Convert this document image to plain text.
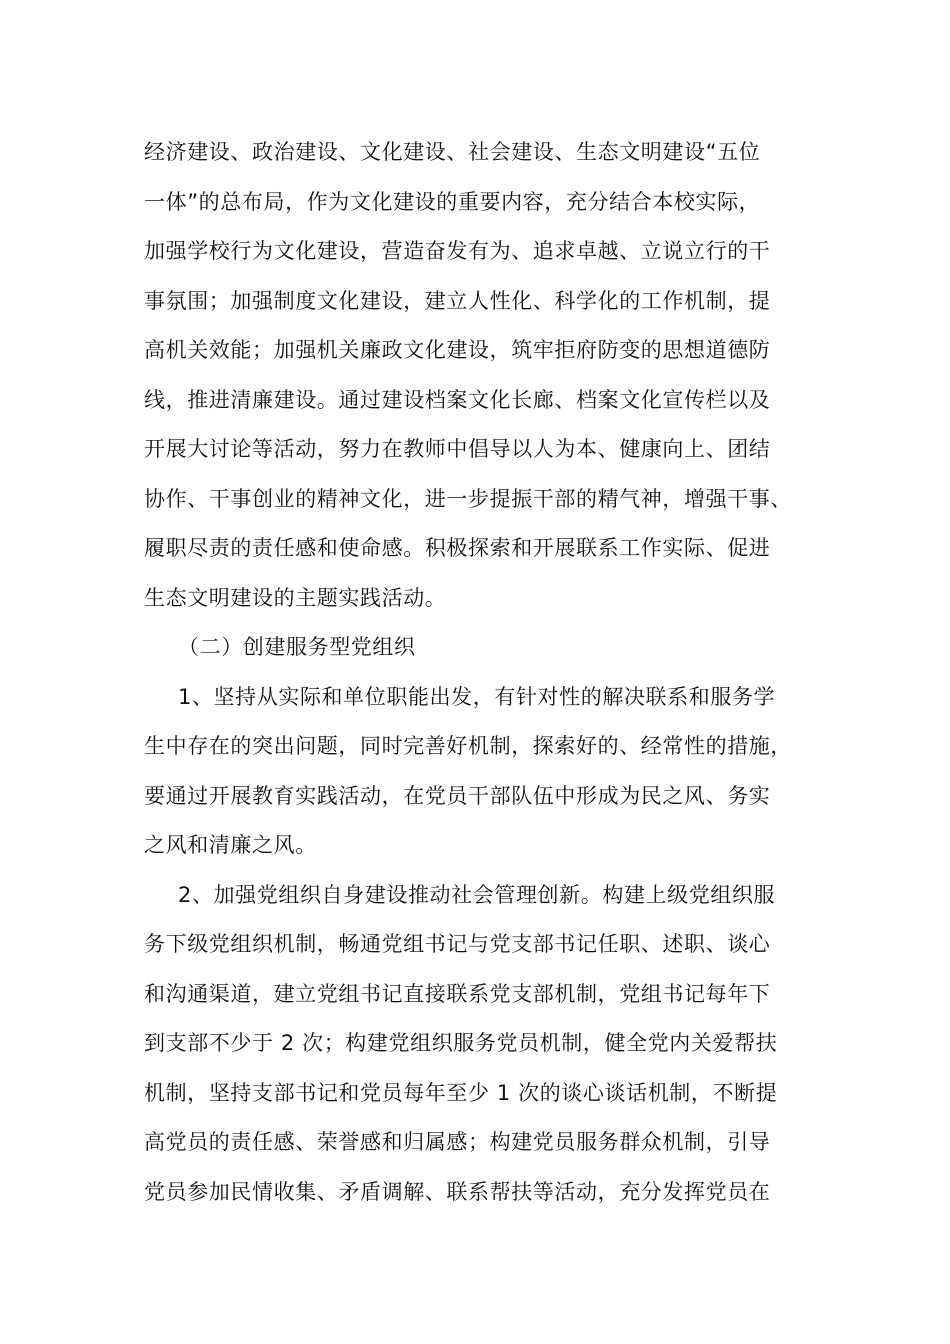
经济建设、政治建设、文化建设、社会建设、生态文明建设“五位
一体”的总布局，作为文化建设的重要内容，充分结合本校实际，
加强学校行为文化建设，营造奋发有为、追求卓越、立说立行的干
事氛围；加强制度文化建设，建立人性化、科学化的工作机制，提
高机关效能；加强机关廉政文化建设，筑牢拒府防变的思想道德防
线，推进清廉建设。通过建设档案文化长廊、档案文化宣传栏以及
开展大讨论等活动，努力在教师中倡导以人为本、健康向上、团结
协作、干事创业的精神文化，进一步提振干部的精气神，增强干事、
履职尽责的责任感和使命感。积极探索和开展联系工作实际、促进
生态文明建设的主题实践活动。
（二）创建服务型党组织
1、坚持从实际和单位职能出发，有针对性的解决联系和服务学
生中存在的突出问题，同时完善好机制，探索好的、经常性的措施，
要通过开展教育实践活动，在党员干部队伍中形成为民之风、务实
之风和清廉之风。
2、加强党组织自身建设推动社会管理创新。构建上级党组织服
务下级党组织机制，畅通党组书记与党支部书记任职、述职、谈心
和沟通渠道，建立党组书记直接联系党支部机制，党组书记每年下
到支部不少于 2 次；构建党组织服务党员机制，健全党内关爱帮扶
机制，坚持支部书记和党员每年至少 1 次的谈心谈话机制，不断提
高党员的责任感、荣誉感和归属感；构建党员服务群众机制，引导
党员参加民情收集、矛盾调解、联系帮扶等活动，充分发挥党员在
